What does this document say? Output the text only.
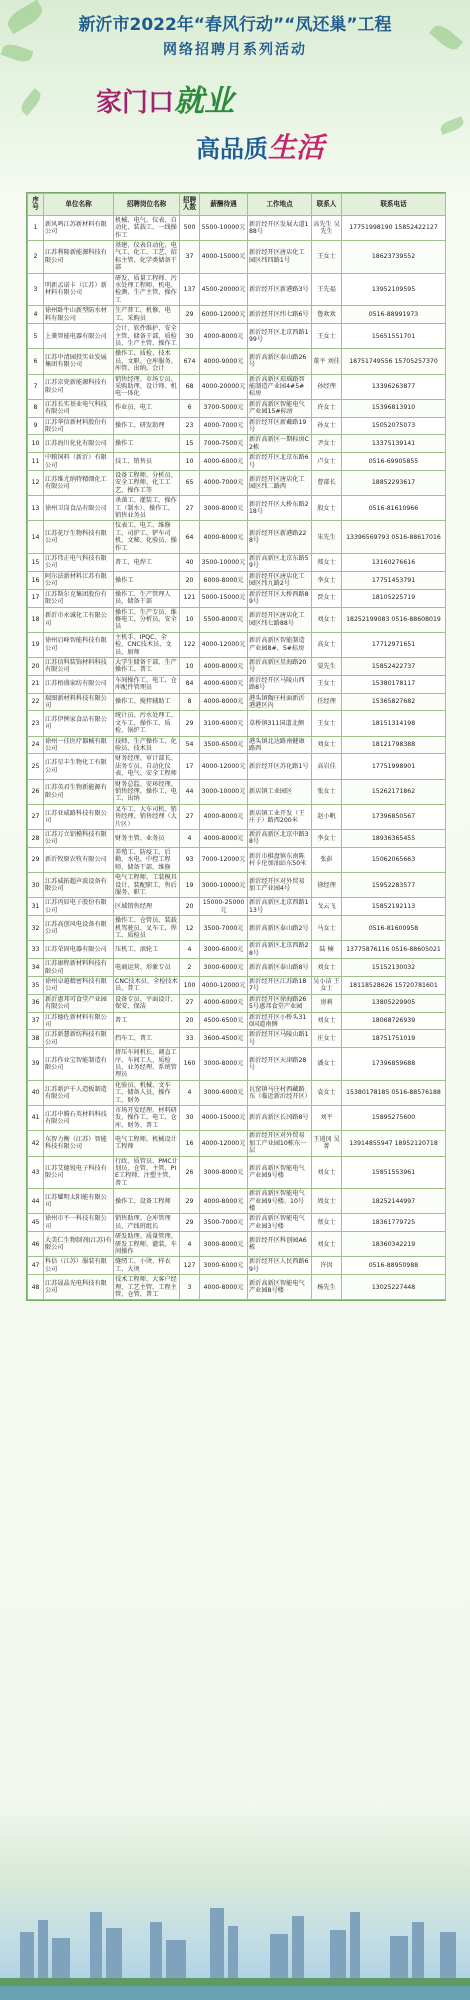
新沂市2022年“春风行动”“凤还巢”工程
网络招聘月系列活动
家门口就业
高品质生活
序号	单位名称	招聘岗位名称	招聘人数	薪酬待遇	工作地点	联系人	联系电话
1	新风鸣江苏新材料有限公司	机械、电气、仪表、自动化、装载工、一线操作工	500	5500-10000元	新沂经开区发展大道188号	高先生 吴先生	17751998190 15852422127
2	江苏利隆新能源科技有限公司	基建、仪表自动化、电气工、化工、工艺、招标主管、化学类储备干部	37	4000-15000元	新沂经开区唐店化工园区纬四路1号	王女士	18623739552
3	明新孟诺卡（江苏）新材料有限公司	研发、质量工程师、污水处理工程师、机电、检测、生产主管、操作工	137	4500-20000元	新沂经开区新港路3号	王先福	13952109595
4	徐州卧牛山新型防水材料有限公司	生产普工、机修、电工、采购员	29	6000-12000元	新沂经开区纬七路6号	鲁欢欢	0516-88991973
5	上菱智能电器有限公司	会计、软件维护、安全主管、储备干部、质检员、生产主管、操作工	30	4000-8000元	新沂经开区北京西路199号	王女士	15651551701
6	江苏中清园投实业发展集团有限公司	操作工、质检、技术员、文职、仓库服务、库管、出纳、会计	674	4000-9000元	新沂高新区泰山路26号	董平 刘佳	18751749556 15705257370
7	江苏京瓷新能源科技有限公司	销售经理、市场专员、采购助理、设计师、机电一体化	68	4000-20000元	新沂高新区琼瑶路智能制造产业园4#5#标房	孙经理	13396263877
8	江苏长实基业电气科技有限公司	作业员、电工	6	3700-5000元	新沂高新区智能电气产业园15#标房	许女士	15396813910
9	江苏华信新材料股份有限公司	操作工、研发助理	23	4000-7000元	新沂经开区新戴路19号	孙女士	15052075073
10	江苏海川化化有限公司	操作工	15	7000-7500元	新沂高新区一期标房C2栋	尹女士	13375139141
11	中粮饲料（新沂）有限公司	技工、销售员	10	4000-6000元	新沂经开区北京东路6号	卢女士	0516-69905855
12	江苏维尤纳特精细化工有限公司	设备工程师、分析员、安全工程师、化工工艺、操作工等	65	4000-7000元	新沂经开区唐店化工园区纬二路西	曹部长	18852293617
13	徐州卫岗食品有限公司	杀菌工、灌装工、操作工（制水）、操作工、销售业务员	27	3000-8000元	新沂经开区大桥东路218号	殷女士	0516-81610966
14	江苏花厅生物科技有限公司	仪表工、电工、维修工、司炉工、铲车司机、文秘、化验员、操作工	64	4000-8000元	新沂经开区新港路228号	朱先生	13396569793 0516-88617016
15	江苏伟正电气科技有限公司	普工、电焊工	40	3500-10000元	新沂高新区北京东路59号	郑女士	13160276616
16	阿尔法新材料江苏有限公司	操作工	20	6000-8000元	新沂经开区唐店化工园区纬九路2号	李女士	17751453791
17	江苏斯尔克集团股份有限公司	操作工、生产管理人员、储备干部	121	5000-15000元	新沂经开区大桥西路89号	贾女士	18105225719
18	新沂市永诚化工有限公司	操作工、生产专员、维修电工、分析员、安全员	10	5500-8000元	新沂经开区唐店化工园区纬七路88号	刘女士	18252199083 0516-88608019
19	徐州启峰智能科技有限公司	主机手、IPQC、全检、CNC技术员、文员、厨师	122	4000-12000元	新沂高新区智能制造产业园8#、5#标房	高女士	17712971651
20	江苏信科装饰材料科技有限公司	大学生储备干部、生产操作工、普工	10	4000-8000元	新沂高新区星海路20号	晏先生	15852422737
21	江苏梧盛家纺有限公司	车间操作工、电工、仓库配件管理员	84	4000-6000元	新沂经开区马陵山西路8号	王女士	15380178117
22	瑞图新材料科技有限公司	操作工、搅拌辅助工	8	4000-8000元	港头镇陶庄村面新沂港港区内	任经理	15365827682
23	江苏伊例家食品有限公司	统计员、污水处理工、文车工、操作工、质检、锅炉工	29	3100-6000元	草桥镇311国道北侧	王女士	18151314198
24	徐州一佳医疗器械有限公司	技师、生产操作工、化验员、技术员	54	3500-6500元	港头镇北达路南健康路西	刘女士	18121798388
25	江苏星丰生物化工有限公司	财务经理、审计部长、法务专员、自动化仪表、电气、安全工程师	17	4000-12000元	新沂经开区苏化路1号	高岩佳	17751998901
26	江苏英君生物新能源有限公司	财务总监、安环经理、销售经理、操作工、电工、出纳	44	3000-10000元	新店镇工业园区	张女士	15262171862
27	江苏亚威路科技有限公司	叉车工、大车司机、销售经理、销售经理（大片区）	27	4000-8000元	新店镇工业开发（王庄子）路西200米	赵小帆	17396850567
28	江苏万立铝模科技有限公司	财务主管、业务员	4	4000-8000元	新沂高新区北京中路38号	李女士	18936365455
29	新沂牧原农牧有限公司	养殖工、防疫工、后勤、水电、中控工程师、储备干部、维修	93	7000-12000元	新沂市棋盘镇东南陈村卡伦加油站东50米	张彭	15062065663
30	江苏威拓超声波设备有限公司	电气工程师、工装模具设计、装配职工、售后服务、职工	19	3000-10000元	新沂经开区对外贸易加工产业园4号	徐经理	15952283577
31	江苏丙辰电子股份有限公司	区域销售经理	20	15000-25000元	新沂高新区北京西路113号	戈云飞	15852192113
32	江苏高创风电设备有限公司	操作工、仓管员、装载机驾驶员、叉车工、焊工、质检员	12	3500-7000元	新沂高新区泰山路2号	马女士	0516-81600958
33	江苏荣固电器有限公司	压机工、滚轮工	4	3000-6000元	新沂高新区北京西路28号	陆 楠	13775876116 0516-88605021
34	江苏康程新材料科技有限公司	电商运营、形象专员	2	3000-6000元	新沂高新区泰山路8号	刘女士	15152130032
35	徐州卓越精密科技有限公司	CNC技术员、全检技术员、普工	100	4000-12000元	新沂经开区江苏路187号	吴小洁 王女士	18118528626 15720781601
36	新沂惠邦可食堂产业园有限公司	设备专员、平面设计、保安、保洁	27	4000-6000元	新沂经开区徐海路265号惠邦食堂产业园	房莉	13805229905
37	江苏德佐新材料有限公司	普工	20	4500-6500元	新沂经开区小桥头310国道南侧	刘女士	18068726939
38	江苏新慧新纺科技有限公司	挡车工、普工	33	3600-4500元	新沂经开区马陵山路1号	庄女士	18751751019
39	江苏作业宝智能制造有限公司	挤压车间机长、调直工序、车间工人、质检员、业务经理、系统管理员	160	3000-8000元	新沂经开区天津路28号	潘女士	17396859688
40	江苏新沪千人造板制造有限公司	化验员、机械、文车工、储备人员、操作工、财务	4	3000-6000元	瓦窑镇马庄村西藏路东（临近新沂经开区）	袁女士	15380178185 0516-88576188
41	江苏中腾石英材料科技有限公司	市场开发经理、材料研发、操作工、电工、仓库、财务、普工	30	4000-15000元	新沂高新区长冈路8号	刘平	15895275600
42	东智力衡（江苏）智能科技有限公司	电气工程师、机械设计工程师	16	4000-12000元	新沂经开区对外贸易加工产业园10栋东一层	王逍冈 吴菁	13914855947 18952120718
43	江苏艾德锐电子科技有限公司	行政、质管员、PMC计划员、仓管、主管、PIE工程师、注塑主管、普工	26	3000-8000元	新沂高新区智能电气产业园9号楼	刘女士	15851553961
44	江苏耀明太阳能有限公司	操作工、设备工程师	29	4000-8000元	新沂高新区智能电气产业园9号楼、10号楼	周女士	18252144997
45	徐州市不一科技有限公司	销售助理、仓库管理员、产线班组长	29	3500-7000元	新沂高新区智能电气产业园3号楼	蔡女士	18361779725
46	大美仁生物制剂(江苏)有限公司	研发助理、质量管理、研发工程师、灌装、车间操作	4	3000-8000元	新沂经开区科创园A6栋	刘女士	18360342219
47	科倍（江苏）服装有限公司	缝纫工、小烫、样衣工、大烫	127	3000-6000元	新沂经开区人民西路69号	许因	0516-88950988
48	江苏晟晶光电科技有限公司	技术工程师、大客户经理、工艺主管、工程主管、仓管、普工	3	4000-8000元	新沂高新区智能电气产业园8号楼	杨先生	13025227448
